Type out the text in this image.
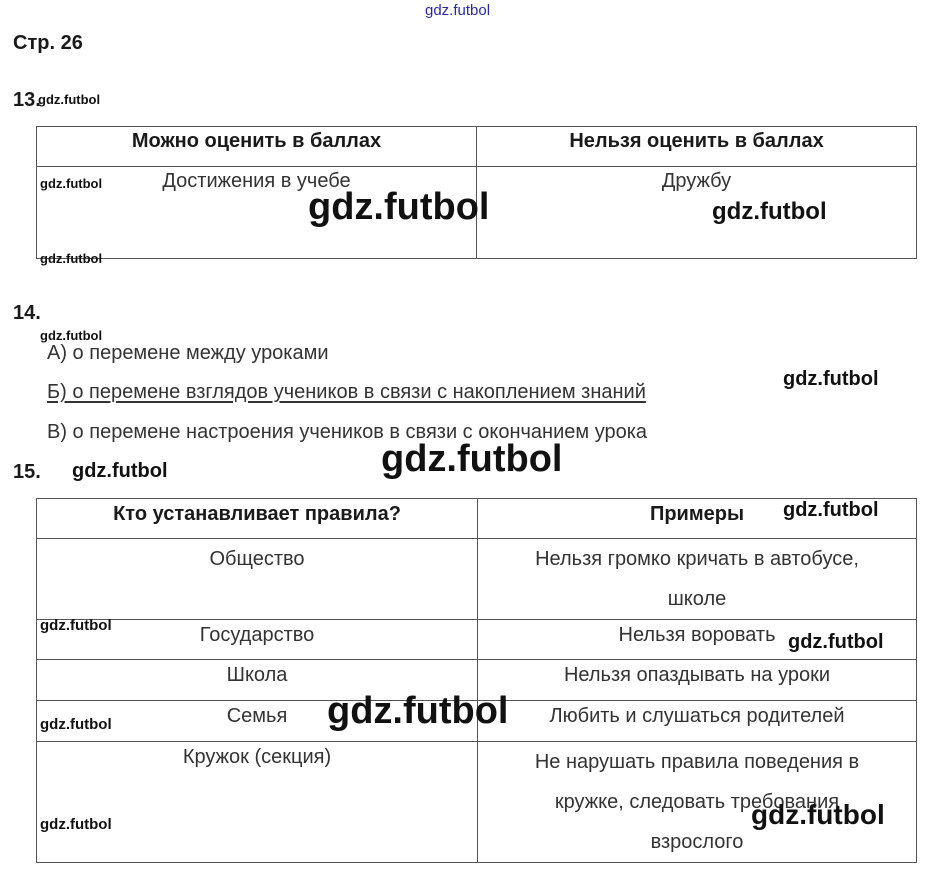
gdz.futbol
Стр. 26
13.
gdz.futbol
Можно оценить в баллах	Нельзя оценить в баллах
Достижения в учебе	Дружбу
gdz.futbol
gdz.futbol	gdz.futbol
gdz.futbol
14.
gdz.futbol
А) о перемене между уроками
Б) о перемене взглядов учеников в связи с накоплением знаний
В) о перемене настроения учеников в связи с окончанием урока
gdz.futbol
15. gdz.futbol	gdz.futbol
Кто устанавливает правила?	Примеры
Общество	Нельзя громко кричать в автобусе, школе
Государство	Нельзя воровать
Школа	Нельзя опаздывать на уроки
Семья	Любить и слушаться родителей
Кружок (секция)	Не нарушать правила поведения в кружке, следовать требования взрослого
gdz.futbol
gdz.futbol
gdz.futbol
gdz.futbol
gdz.futbol
gdz.futbol	gdz.futbol
